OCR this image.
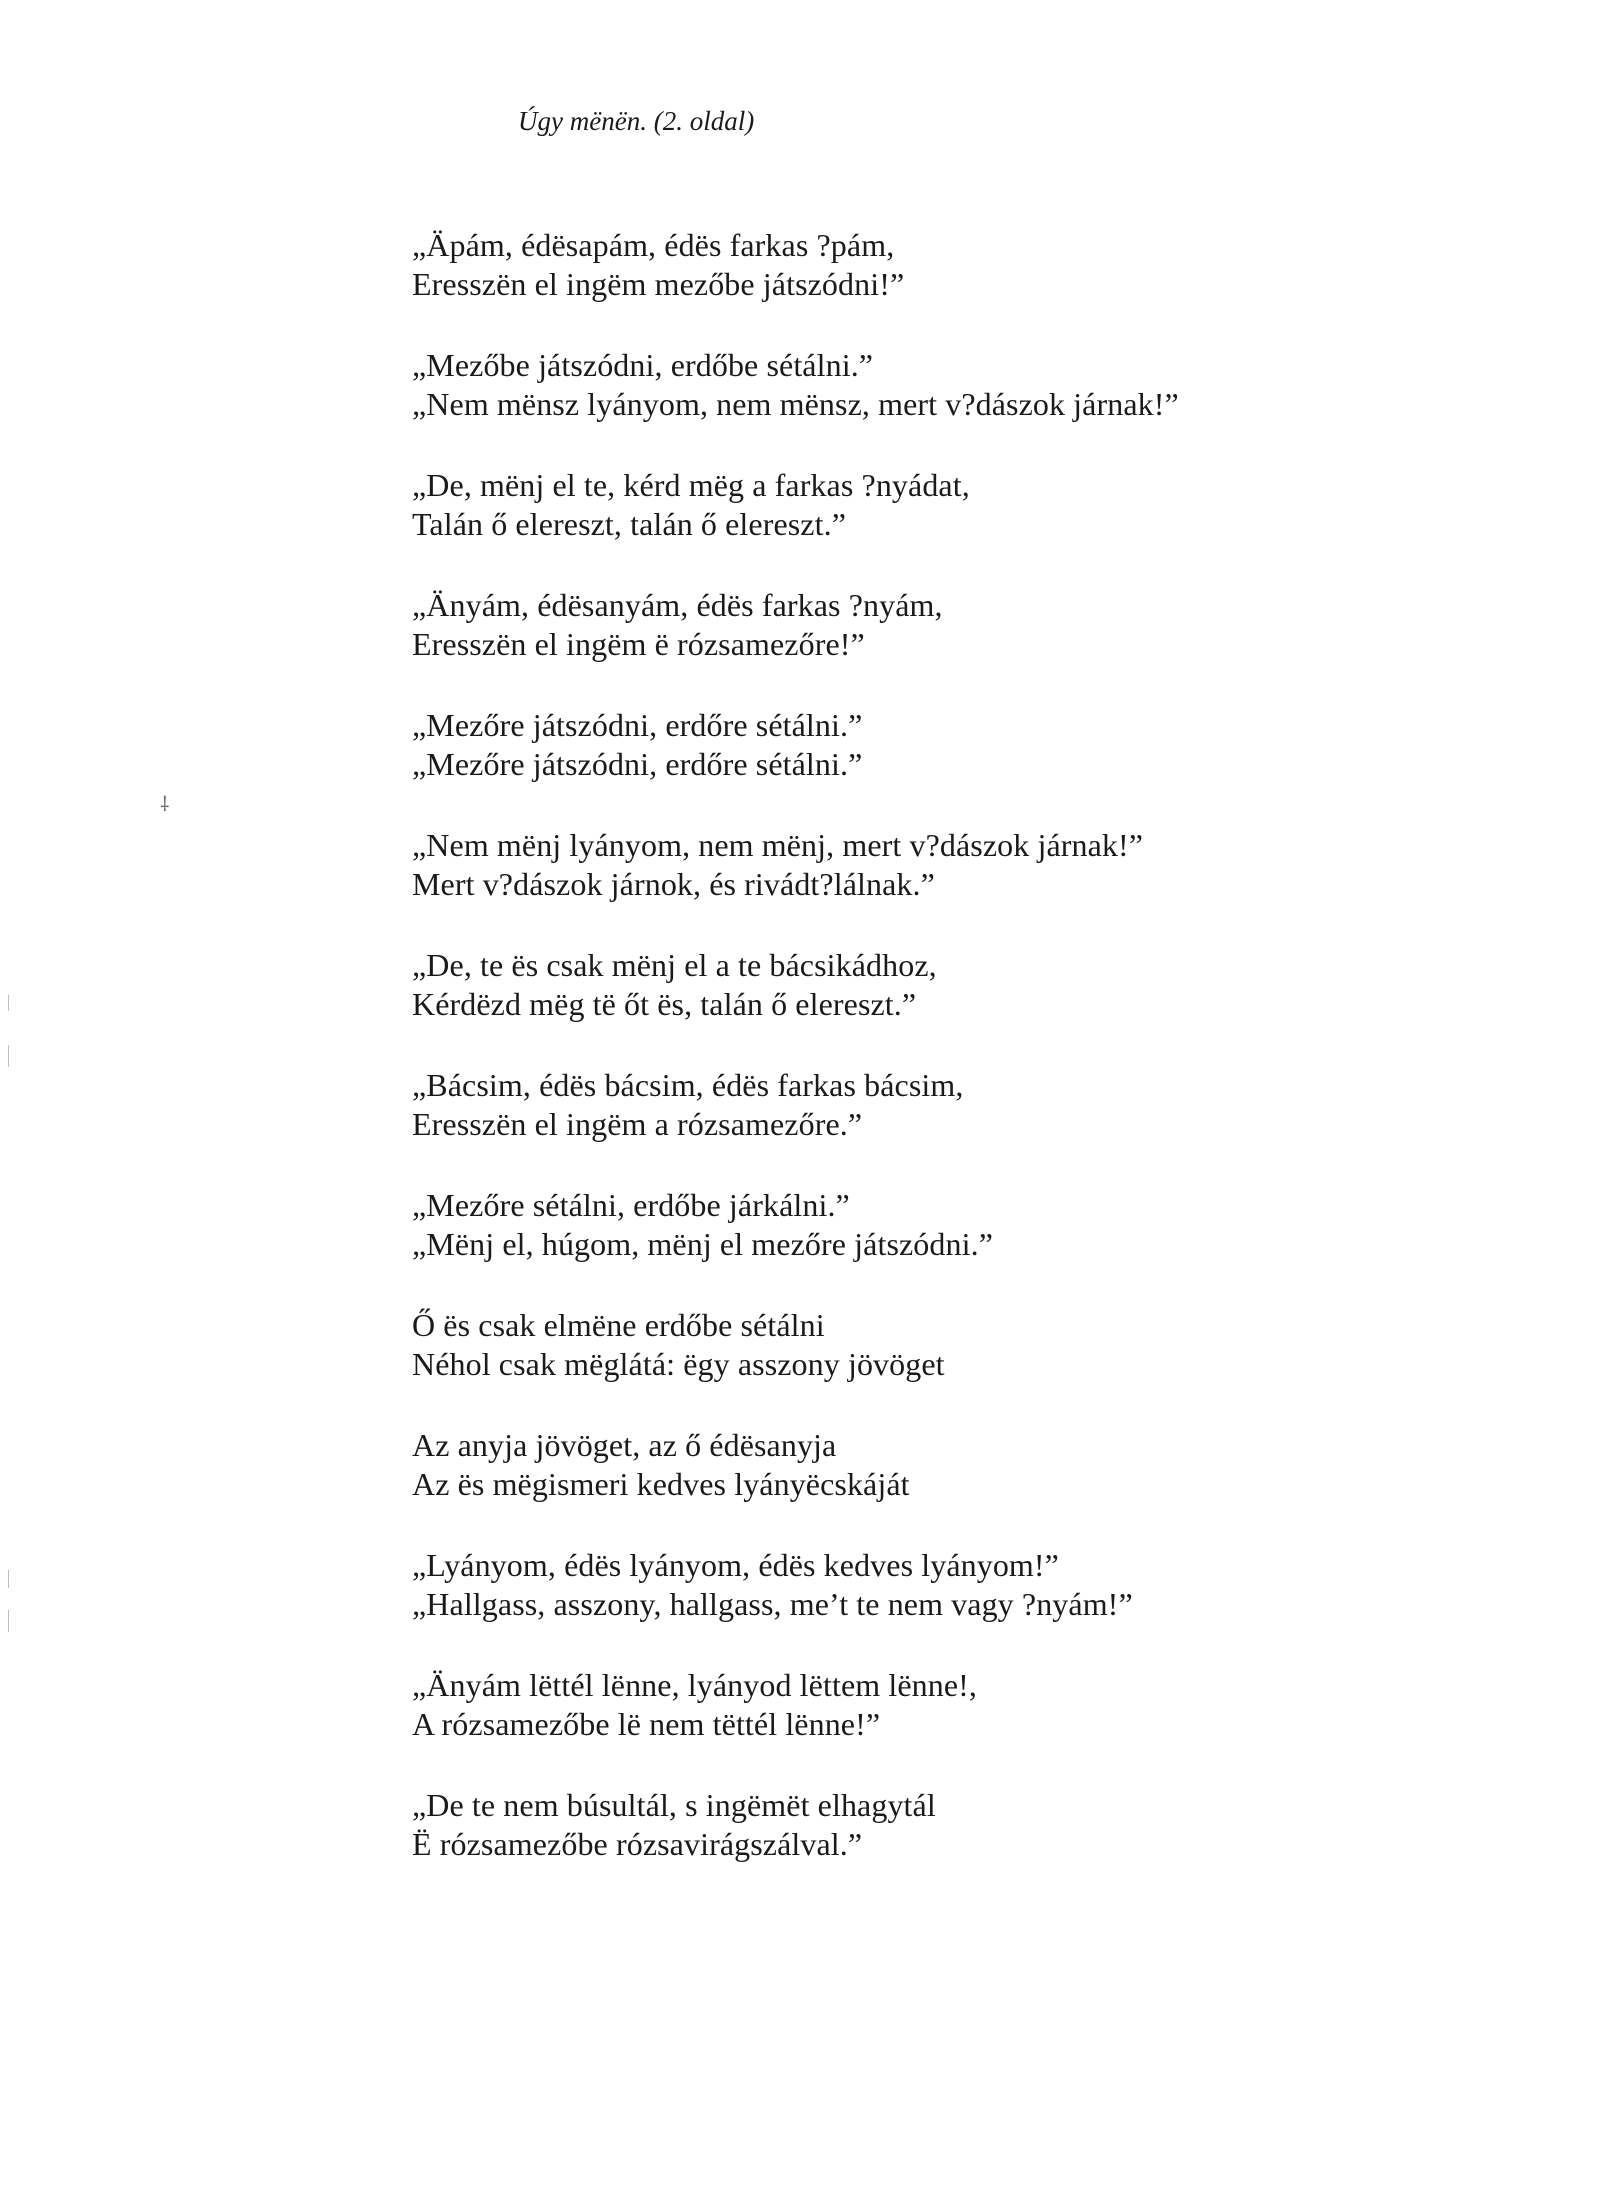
Úgy mënën. (2. oldal)
„Äpám, édësapám, édës farkas ?pám,
Eresszën el ingëm mezőbe játszódni!”
„Mezőbe játszódni, erdőbe sétálni.”
„Nem mënsz lyányom, nem mënsz, mert v?dászok járnak!”
„De, mënj el te, kérd mëg a farkas ?nyádat,
Talán ő elereszt, talán ő elereszt.”
„Änyám, édësanyám, édës farkas ?nyám,
Eresszën el ingëm ë rózsamezőre!”
„Mezőre játszódni, erdőre sétálni.”
„Mezőre játszódni, erdőre sétálni.”
„Nem mënj lyányom, nem mënj, mert v?dászok járnak!”
Mert v?dászok járnok, és rivádt?lálnak.”
„De, te ës csak mënj el a te bácsikádhoz,
Kérdëzd mëg të őt ës, talán ő elereszt.”
„Bácsim, édës bácsim, édës farkas bácsim,
Eresszën el ingëm a rózsamezőre.”
„Mezőre sétálni, erdőbe járkálni.”
„Mënj el, húgom, mënj el mezőre játszódni.”
Ő ës csak elmëne erdőbe sétálni
Néhol csak mëglátá: ëgy asszony jövöget
Az anyja jövöget, az ő édësanyja
Az ës mëgismeri kedves lyányëcskáját
„Lyányom, édës lyányom, édës kedves lyányom!”
„Hallgass, asszony, hallgass, me’t te nem vagy ?nyám!”
„Änyám lëttél lënne, lyányod lëttem lënne!,
A rózsamezőbe lë nem tëttél lënne!”
„De te nem búsultál, s ingëmët elhagytál
Ë rózsamezőbe rózsavirágszálval.”
⸸
